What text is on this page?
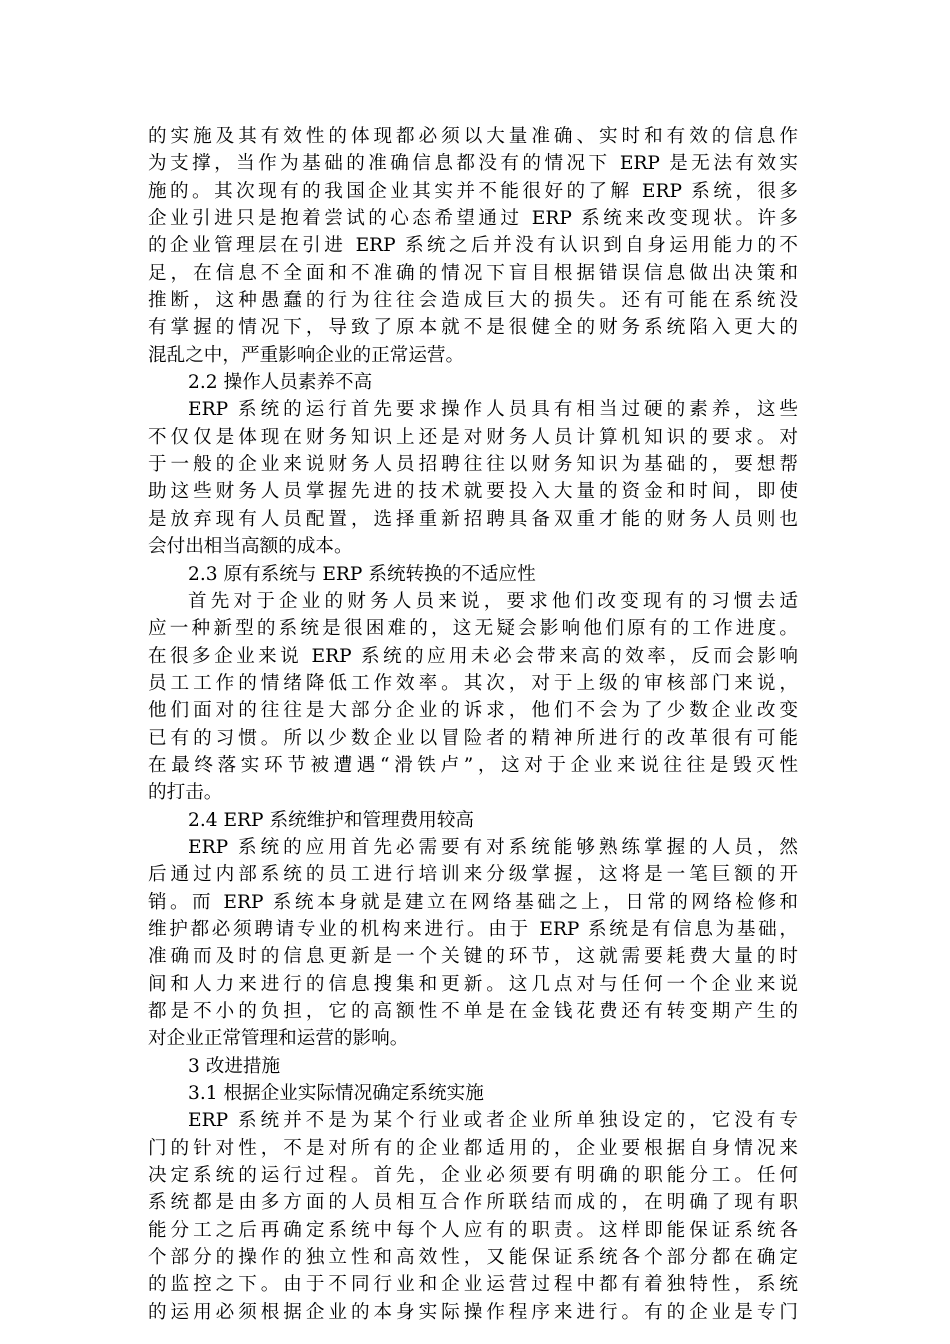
的实施及其有效性的体现都必须以大量准确、实时和有效的信息作
为支撑，当作为基础的准确信息都没有的情况下 ERP 是无法有效实
施的。其次现有的我国企业其实并不能很好的了解 ERP 系统，很多
企业引进只是抱着尝试的心态希望通过 ERP 系统来改变现状。许多
的企业管理层在引进 ERP 系统之后并没有认识到自身运用能力的不
足，在信息不全面和不准确的情况下盲目根据错误信息做出决策和
推断，这种愚蠢的行为往往会造成巨大的损失。还有可能在系统没
有掌握的情况下，导致了原本就不是很健全的财务系统陷入更大的
混乱之中，严重影响企业的正常运营。
2.2 操作人员素养不高
ERP 系统的运行首先要求操作人员具有相当过硬的素养，这些
不仅仅是体现在财务知识上还是对财务人员计算机知识的要求。对
于一般的企业来说财务人员招聘往往以财务知识为基础的，要想帮
助这些财务人员掌握先进的技术就要投入大量的资金和时间，即使
是放弃现有人员配置，选择重新招聘具备双重才能的财务人员则也
会付出相当高额的成本。
2.3 原有系统与 ERP 系统转换的不适应性
首先对于企业的财务人员来说，要求他们改变现有的习惯去适
应一种新型的系统是很困难的，这无疑会影响他们原有的工作进度。
在很多企业来说 ERP 系统的应用未必会带来高的效率，反而会影响
员工工作的情绪降低工作效率。其次，对于上级的审核部门来说，
他们面对的往往是大部分企业的诉求，他们不会为了少数企业改变
已有的习惯。所以少数企业以冒险者的精神所进行的改革很有可能
在最终落实环节被遭遇“滑铁卢”，这对于企业来说往往是毁灭性
的打击。
2.4 ERP 系统维护和管理费用较高
ERP 系统的应用首先必需要有对系统能够熟练掌握的人员，然
后通过内部系统的员工进行培训来分级掌握，这将是一笔巨额的开
销。而 ERP 系统本身就是建立在网络基础之上，日常的网络检修和
维护都必须聘请专业的机构来进行。由于 ERP 系统是有信息为基础，
准确而及时的信息更新是一个关键的环节，这就需要耗费大量的时
间和人力来进行的信息搜集和更新。这几点对与任何一个企业来说
都是不小的负担，它的高额性不单是在金钱花费还有转变期产生的
对企业正常管理和运营的影响。
3 改进措施
3.1 根据企业实际情况确定系统实施
ERP 系统并不是为某个行业或者企业所单独设定的，它没有专
门的针对性，不是对所有的企业都适用的，企业要根据自身情况来
决定系统的运行过程。首先，企业必须要有明确的职能分工。任何
系统都是由多方面的人员相互合作所联结而成的，在明确了现有职
能分工之后再确定系统中每个人应有的职责。这样即能保证系统各
个部分的操作的独立性和高效性，又能保证系统各个部分都在确定
的监控之下。由于不同行业和企业运营过程中都有着独特性，系统
的运用必须根据企业的本身实际操作程序来进行。有的企业是专门
